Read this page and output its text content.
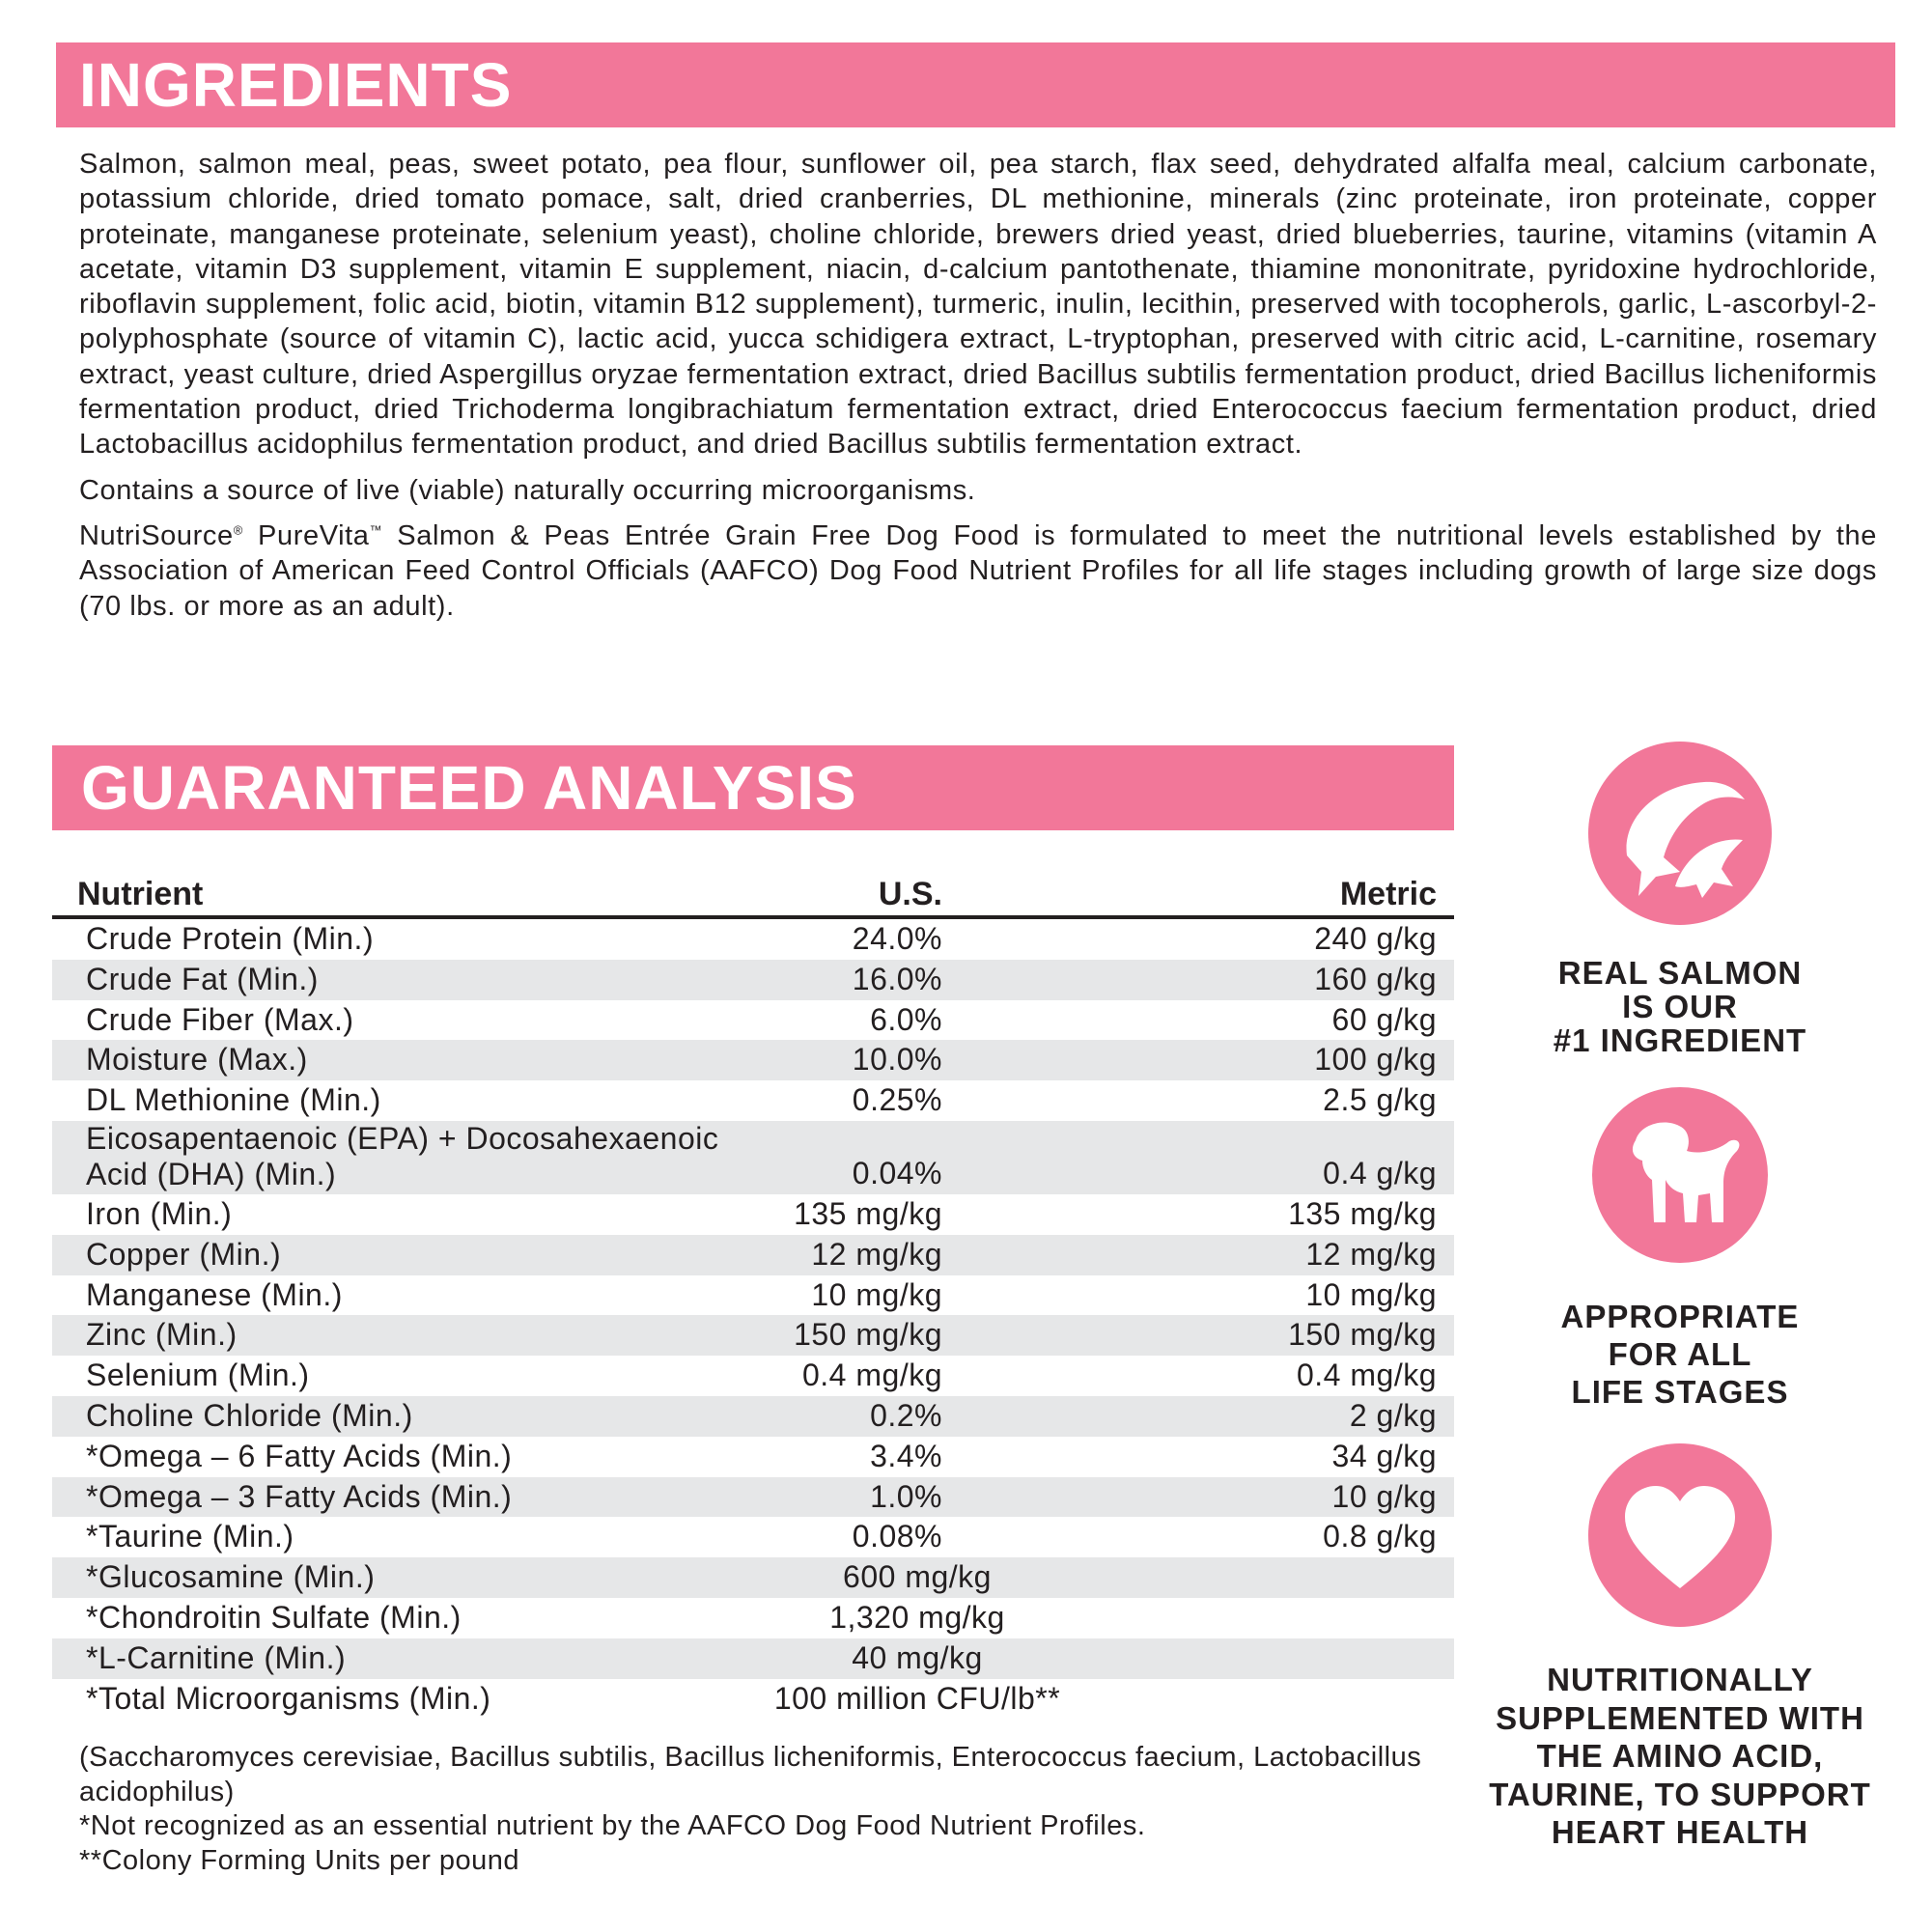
INGREDIENTS

Salmon, salmon meal, peas, sweet potato, pea flour, sunflower oil, pea starch, flax seed, dehydrated alfalfa meal, calcium carbonate, potassium chloride, dried tomato pomace, salt, dried cranberries, DL methionine, minerals (zinc proteinate, iron proteinate, copper proteinate, manganese proteinate, selenium yeast), choline chloride, brewers dried yeast, dried blueberries, taurine, vitamins (vitamin A acetate, vitamin D3 supplement, vitamin E supplement, niacin, d-calcium pantothenate, thiamine mononitrate, pyridoxine hydrochloride, riboflavin supplement, folic acid, biotin, vitamin B12 supplement), turmeric, inulin, lecithin, preserved with tocopherols, garlic, L-ascorbyl-2-polyphosphate (source of vitamin C), lactic acid, yucca schidigera extract, L-tryptophan, preserved with citric acid, L-carnitine, rosemary extract, yeast culture, dried Aspergillus oryzae fermentation extract, dried Bacillus subtilis fermentation product, dried Bacillus licheniformis fermentation product, dried Trichoderma longibrachiatum fermentation extract, dried Enterococcus faecium fermentation product, dried Lactobacillus acidophilus fermentation product, and dried Bacillus subtilis fermentation extract.

Contains a source of live (viable) naturally occurring microorganisms.

NutriSource® PureVita™ Salmon & Peas Entrée Grain Free Dog Food is formulated to meet the nutritional levels established by the Association of American Feed Control Officials (AAFCO) Dog Food Nutrient Profiles for all life stages including growth of large size dogs (70 lbs. or more as an adult).

GUARANTEED ANALYSIS
Nutrient	U.S.	Metric
Crude Protein (Min.)	24.0%	240 g/kg
Crude Fat (Min.)	16.0%	160 g/kg
Crude Fiber (Max.)	6.0%	60 g/kg
Moisture (Max.)	10.0%	100 g/kg
DL Methionine (Min.)	0.25%	2.5 g/kg
Eicosapentaenoic (EPA) + Docosahexaenoic Acid (DHA) (Min.)	0.04%	0.4 g/kg
Iron (Min.)	135 mg/kg	135 mg/kg
Copper (Min.)	12 mg/kg	12 mg/kg
Manganese (Min.)	10 mg/kg	10 mg/kg
Zinc (Min.)	150 mg/kg	150 mg/kg
Selenium (Min.)	0.4 mg/kg	0.4 mg/kg
Choline Chloride (Min.)	0.2%	2 g/kg
*Omega – 6 Fatty Acids (Min.)	3.4%	34 g/kg
*Omega – 3 Fatty Acids (Min.)	1.0%	10 g/kg
*Taurine (Min.)	0.08%	0.8 g/kg
*Glucosamine (Min.)	600 mg/kg
*Chondroitin Sulfate (Min.)	1,320 mg/kg
*L-Carnitine (Min.)	40 mg/kg
*Total Microorganisms (Min.)	100 million CFU/lb**
(Saccharomyces cerevisiae, Bacillus subtilis, Bacillus licheniformis, Enterococcus faecium, Lactobacillus acidophilus)
*Not recognized as an essential nutrient by the AAFCO Dog Food Nutrient Profiles.
**Colony Forming Units per pound
REAL SALMON
IS OUR
#1 INGREDIENT
APPROPRIATE
FOR ALL
LIFE STAGES
NUTRITIONALLY
SUPPLEMENTED WITH
THE AMINO ACID,
TAURINE, TO SUPPORT
HEART HEALTH
